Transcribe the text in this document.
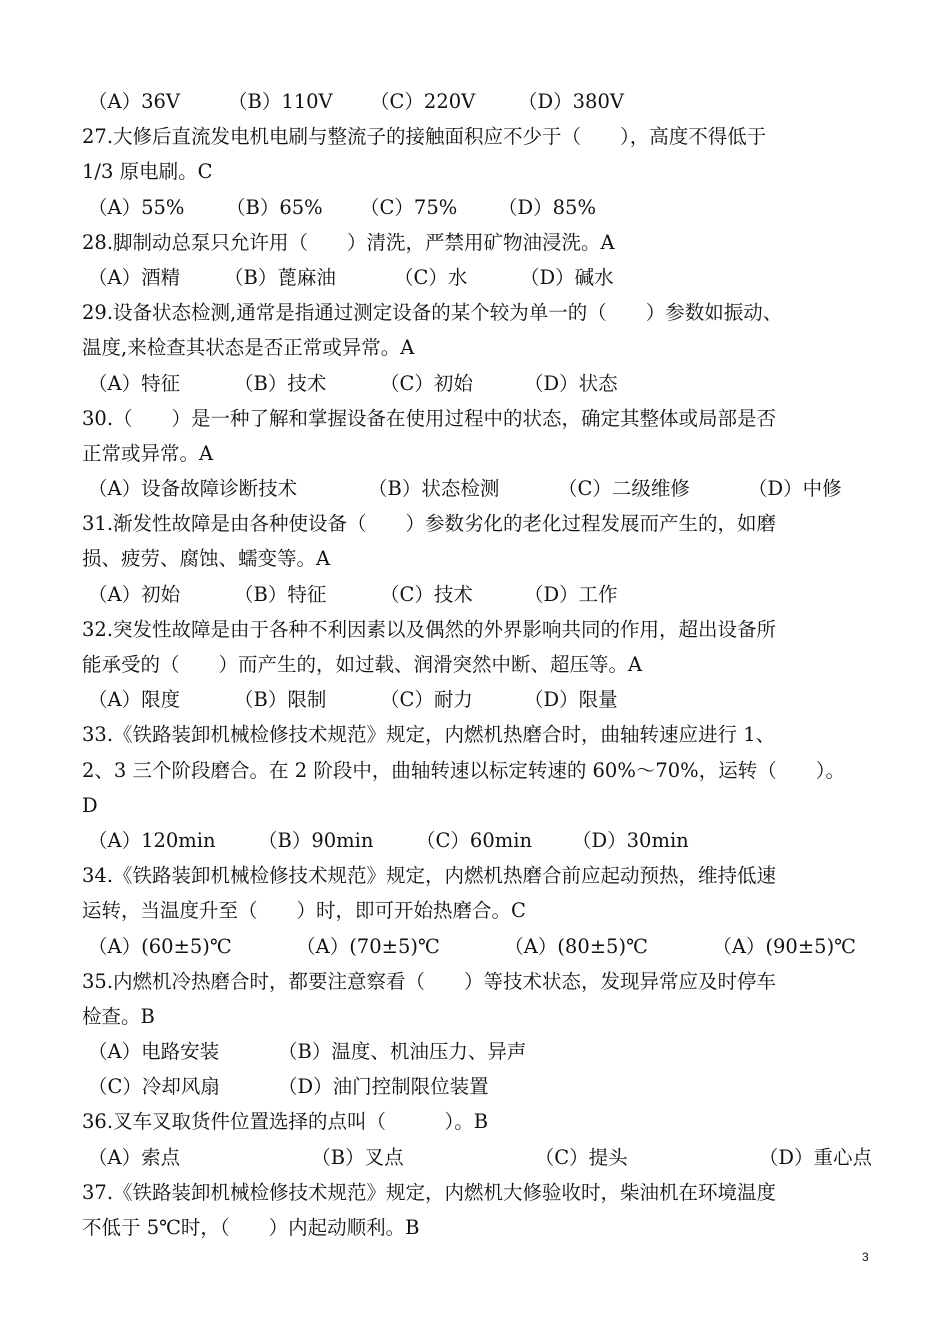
（A）36V	（B）110V	（C）220V	（D）380V
27.大修后直流发电机电刷与整流子的接触面积应不少于（　　），高度不得低于
1/3 原电刷。C
（A）55%	（B）65%	（C）75%	（D）85%
28.脚制动总泵只允许用（　　）清洗，严禁用矿物油浸洗。A
（A）酒精	（B）蓖麻油	（C）水	（D）碱水
29.设备状态检测,通常是指通过测定设备的某个较为单一的（　　）参数如振动、
温度,来检查其状态是否正常或异常。A
（A）特征	（B）技术	（C）初始	（D）状态
30.（　　）是一种了解和掌握设备在使用过程中的状态，确定其整体或局部是否
正常或异常。A
（A）设备故障诊断技术	（B）状态检测	（C）二级维修	（D）中修
31.渐发性故障是由各种使设备（　　）参数劣化的老化过程发展而产生的，如磨
损、疲劳、腐蚀、蠕变等。A
（A）初始	（B）特征	（C）技术	（D）工作
32.突发性故障是由于各种不利因素以及偶然的外界影响共同的作用，超出设备所
能承受的（　　）而产生的，如过载、润滑突然中断、超压等。A
（A）限度	（B）限制	（C）耐力	（D）限量
33.《铁路装卸机械检修技术规范》规定，内燃机热磨合时，曲轴转速应进行 1、
2、3 三个阶段磨合。在 2 阶段中，曲轴转速以标定转速的 60%～70%，运转（　　）。
D
（A）120min	（B）90min	（C）60min	（D）30min
34.《铁路装卸机械检修技术规范》规定，内燃机热磨合前应起动预热，维持低速
运转，当温度升至（　　）时，即可开始热磨合。C
（A）(60±5)℃	（A）(70±5)℃	（A）(80±5)℃	（A）(90±5)℃
35.内燃机冷热磨合时，都要注意察看（　　）等技术状态，发现异常应及时停车
检查。B
（A）电路安装	（B）温度、机油压力、异声
（C）冷却风扇	（D）油门控制限位装置
36.叉车叉取货件位置选择的点叫（　　　）。B
（A）索点	（B）叉点	（C）提头	（D）重心点
37.《铁路装卸机械检修技术规范》规定，内燃机大修验收时，柴油机在环境温度
不低于 5℃时，（　　）内起动顺利。B
3
